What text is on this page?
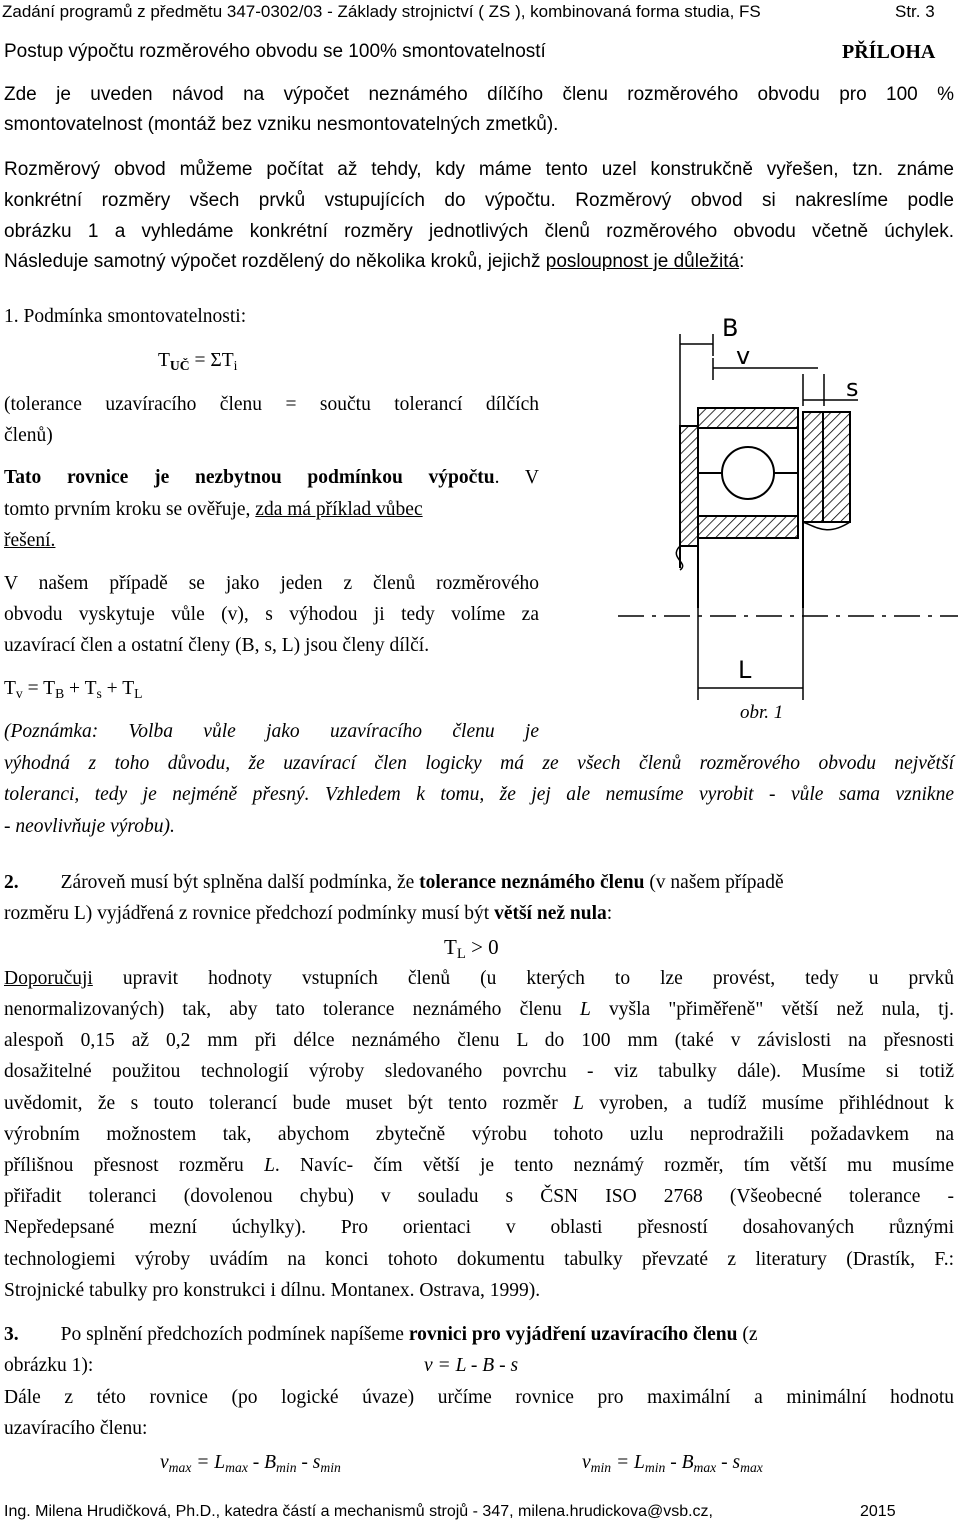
Zadání programů z předmětu 347-0302/03 - Základy strojnictví ( ZS ), kombinovaná forma studia, FS	Str. 3
Postup výpočtu rozměrového obvodu se 100% smontovatelností	PŘÍLOHA
Zde je uveden návod na výpočet neznámého dílčího členu rozměrového obvodu pro 100 %
smontovatelnost (montáž bez vzniku nesmontovatelných zmetků).
Rozměrový obvod můžeme počítat až tehdy, kdy máme tento uzel konstrukčně vyřešen, tzn. známe
konkrétní rozměry všech prvků vstupujících do výpočtu. Rozměrový obvod si nakreslíme podle
obrázku 1 a vyhledáme konkrétní rozměry jednotlivých členů rozměrového obvodu včetně úchylek.
Následuje samotný výpočet rozdělený do několika kroků, jejichž posloupnost je důležitá:
1. Podmínka smontovatelnosti:
$T_{UČ} = \Sigma T_i$
(tolerance uzavíracího členu = součtu tolerancí dílčích
členů)
Tato rovnice je nezbytnou podmínkou výpočtu. V
tomto prvním kroku se ověřuje, zda má příklad vůbec
řešení.
V našem případě se jako jeden z členů rozměrového
obvodu vyskytuje vůle (v), s výhodou ji tedy volíme za
uzavírací člen a ostatní členy (B, s, L) jsou členy dílčí.
$T_v = T_B + T_s + T_L$
(Poznámka: Volba vůle jako uzavíracího členu je
výhodná z toho důvodu, že uzavírací člen logicky má ze všech členů rozměrového obvodu největší
toleranci, tedy je nejméně přesný. Vzhledem k tomu, že jej ale nemusíme vyrobit - vůle sama vznikne
- neovlivňuje výrobu).
B
v
s
L
obr. 1
2. Zároveň musí být splněna další podmínka, že tolerance neznámého členu (v našem případě
rozměru L) vyjádřená z rovnice předchozí podmínky musí být větší než nula:
$T_L > 0$
Doporučuji upravit hodnoty vstupních členů (u kterých to lze provést, tedy u prvků
nenormalizovaných) tak, aby tato tolerance neznámého členu L vyšla "přiměřeně" větší než nula, tj.
alespoň 0,15 až 0,2 mm při délce neznámého členu L do 100 mm (také v závislosti na přesnosti
dosažitelné použitou technologií výroby sledovaného povrchu - viz tabulky dále). Musíme si totiž
uvědomit, že s touto tolerancí bude muset být tento rozměr L vyroben, a tudíž musíme přihlédnout k
výrobním možnostem tak, abychom zbytečně výrobu tohoto uzlu neprodražili požadavkem na
přílišnou přesnost rozměru L. Navíc- čím větší je tento neznámý rozměr, tím větší mu musíme
přiřadit toleranci (dovolenou chybu) v souladu s ČSN ISO 2768 (Všeobecné tolerance -
Nepředepsané mezní úchylky). Pro orientaci v oblasti přesností dosahovaných různými
technologiemi výroby uvádím na konci tohoto dokumentu tabulky převzaté z literatury (Drastík, F.:
Strojnické tabulky pro konstrukci i dílnu. Montanex. Ostrava, 1999).
3. Po splnění předchozích podmínek napíšeme rovnici pro vyjádření uzavíracího členu (z
obrázku 1):	v = L - B - s
Dále z této rovnice (po logické úvaze) určíme rovnice pro maximální a minimální hodnotu
uzavíracího členu:
$v_{max} = L_{max} - B_{min} - s_{min}$	$v_{min} = L_{min} - B_{max} - s_{max}$
Ing. Milena Hrudičková, Ph.D., katedra částí a mechanismů strojů - 347, milena.hrudickova@vsb.cz,	2015
